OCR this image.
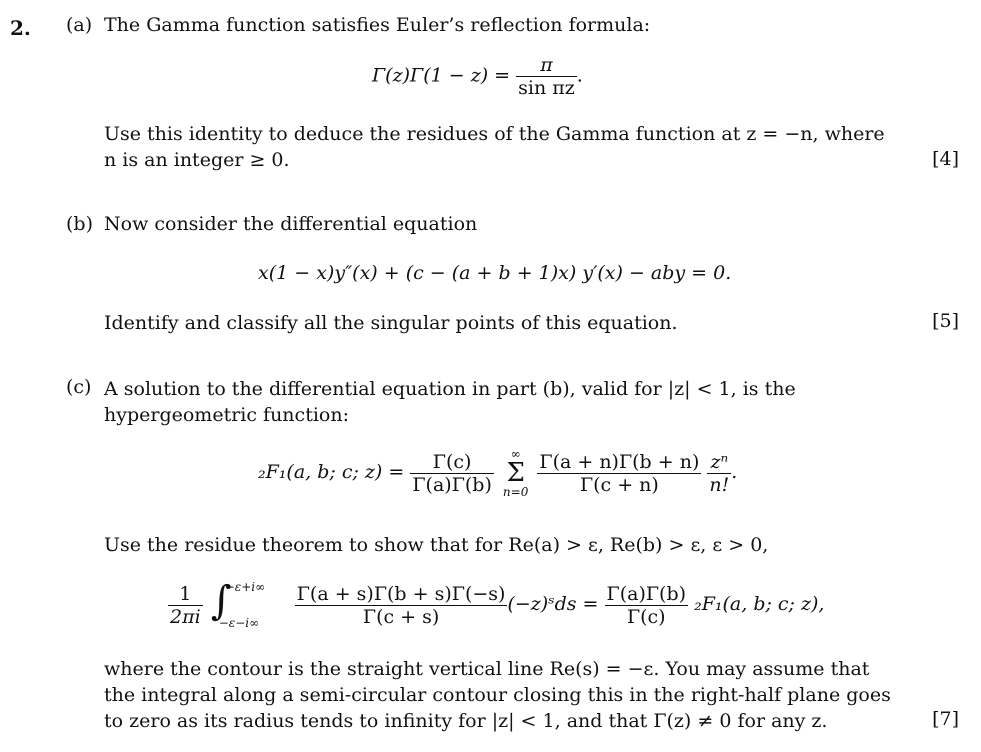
2. (a) The Gamma function satisfies Euler’s reflection formula:
$\Gamma(z)\Gamma(1 - z) = \frac{\pi}{\text{sin πz}}$ .
Use this identity to deduce the residues of the Gamma function at z = −n, where n is an integer ≥ 0.	[4]
(b) Now consider the differential equation
x(1 − x)y″(x) + (c − (a + b + 1)x) y′(x) − aby = 0.
Identify and classify all the singular points of this equation.	[5]
(c) A solution to the differential equation in part (b), valid for |z| < 1, is the hypergeometric function:
₂F₁(a, b; c; $z) = \frac{\Gamma(c)}{\Gamma(a)\Gamma(b)}$
	∞
Σ
n=0
$\frac{\Gamma(a + n)\Gamma(b + n)}{\Gamma(c + n)}$
$\frac{\text{zⁿ}}{n!}$ .
Use the residue theorem to show that for Re(a) > ε, Re(b) > ε, ε > 0,
$\frac{1}{2\pi i}$
∫
−ε+i∞
−ε−i∞
$\frac{\Gamma(a + s)\Gamma(b + s)\Gamma(-s)}{\Gamma(c + s)}$ (−z)ˢds = $\frac{\Gamma(a)\Gamma(b)}{\Gamma(c)} _2F_1(a$, b; c; z),
where the contour is the straight vertical line Re(s) = −ε. You may assume that the integral along a semi-circular contour closing this in the right-half plane goes to zero as its radius tends to infinity for |z| < 1, and that Γ(z) ≠ 0 for any z.	[7]
